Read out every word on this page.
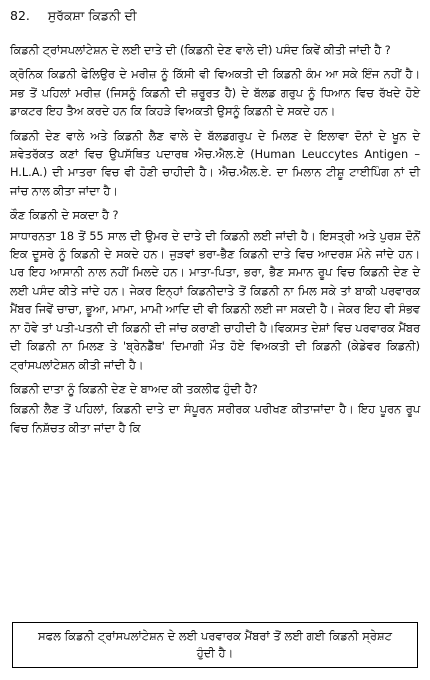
82. ਸੁਰੱਕਸ਼ਾ ਕਿਡਨੀ ਦੀ

ਕਿਡਨੀ ਟ੍ਰਾਂਸਪਲਾਂਟੇਸ਼ਨ ਦੇ ਲਈ ਦਾਤੇ ਦੀ (ਕਿਡਨੀ ਦੇਣ ਵਾਲੇ ਦੀ) ਪਸੰਦ ਕਿਵੇਂ ਕੀਤੀ ਜਾਂਦੀ ਹੈ ?

ਕ੍ਰੋਨਿਕ ਕਿਡਨੀ ਫੇਲਿਉਰ ਦੇ ਮਰੀਜ਼ ਨੂੰ ਕਿੱਸੀ ਵੀ ਵਿਅਕਤੀ ਦੀ ਕਿਡਨੀ ਕੰਮ ਆ ਸਕੇ ਇੰਜ ਨਹੀਂ ਹੈ।ਸਭ ਤੋਂ ਪਹਿਲਾਂ ਮਰੀਜ਼ (ਜਿਸਨੂੰ ਕਿਡਨੀ ਦੀ ਜ਼ਰੂਰਤ ਹੈ) ਦੇ ਬੱਲਡ ਗਰੁਪ ਨੂੰ ਧਿਆਨ ਵਿਚ ਰੱਖਦੇ ਹੋਏ ਡਾਕਟਰ ਇਹ ਤੈਅ ਕਰਦੇ ਹਨ ਕਿ ਕਿਹੜੇ ਵਿਅਕਤੀ ਉਸਨੂੰ ਕਿਡਨੀ ਦੇ ਸਕਦੇ ਹਨ।

ਕਿਡਨੀ ਦੇਣ ਵਾਲੇ ਅਤੇ ਕਿਡਨੀ ਲੈਣ ਵਾਲੇ ਦੇ ਬੱਲਡਗਰੁਪ ਦੇ ਮਿਲਣ ਦੇ ਇਲਾਵਾ ਦੋਨਾਂ ਦੇ ਖੂਨ ਦੇ ਸ਼ਵੇਤਰੱਕਤ ਕਣਾਂ ਵਿਚ ਉਪਸੱਥਿਤ ਪਦਾਰਥ ਐਚ.ਐਲ.ਏ (Human Leuccytes Antigen – H.L.A.) ਦੀ ਮਾਤਰਾ ਵਿਚ ਵੀ ਹੋਣੀ ਚਾਹੀਦੀ ਹੈ। ਐਚ.ਐਲ.ਏ. ਦਾ ਮਿਲਾਨ ਟੀਸ਼ੂ ਟਾਈਪਿੰਗ ਨਾਂ ਦੀ ਜਾਂਚ ਨਾਲ ਕੀਤਾ ਜਾਂਦਾ ਹੈ।

ਕੌਣ ਕਿਡਨੀ ਦੇ ਸਕਦਾ ਹੈ ?

ਸਾਧਾਰਨਤਾ 18 ਤੋਂ 55 ਸਾਲ ਦੀ ਉਮਰ ਦੇ ਦਾਤੇ ਦੀ ਕਿਡਨੀ ਲਈ ਜਾਂਦੀ ਹੈ। ਇਸਤ੍ਰੀ ਅਤੇ ਪੁਰਸ਼ ਦੋਨੋਂ ਇਕ ਦੂਸਰੇ ਨੂੰ ਕਿਡਨੀ ਦੇ ਸਕਦੇ ਹਨ। ਜੁੜਵਾਂ ਭਰਾ-ਭੈਣ ਕਿਡਨੀ ਦਾਤੇ ਵਿਚ ਆਦਰਸ਼ ਮੰਨੇ ਜਾਂਦੇ ਹਨ।ਪਰ ਇਹ ਆਸਾਨੀ ਨਾਲ ਨਹੀਂ ਮਿਲਦੇ ਹਨ। ਮਾਤਾ-ਪਿਤਾ, ਭਰਾ, ਭੈਣ ਸਮਾਨ ਰੂਪ ਵਿਚ ਕਿਡਨੀ ਦੇਣ ਦੇ ਲਈ ਪਸੰਦ ਕੀਤੇ ਜਾਂਦੇ ਹਨ। ਜੇਕਰ ਇਨ੍ਹਾਂ ਕਿਡਨੀਦਾਤੇ ਤੋਂ ਕਿਡਨੀ ਨਾ ਮਿਲ ਸਕੇ ਤਾਂ ਬਾਕੀ ਪਰਵਾਰਕ ਮੈਂਬਰ ਜਿਵੇਂ ਚਾਚਾ, ਭੂਆ, ਮਾਮਾ, ਮਾਮੀ ਆਦਿ ਦੀ ਵੀ ਕਿਡਨੀ ਲਈ ਜਾ ਸਕਦੀ ਹੈ। ਜੇਕਰ ਇਹ ਵੀ ਸੰਭਵ ਨਾ ਹੋਵੇ ਤਾਂ ਪਤੀ-ਪਤਨੀ ਦੀ ਕਿਡਨੀ ਦੀ ਜਾਂਚ ਕਰਾਣੀ ਚਾਹੀਦੀ ਹੈ।ਵਿਕਸਤ ਦੇਸ਼ਾਂ ਵਿਚ ਪਰਵਾਰਕ ਮੈਂਬਰ ਦੀ ਕਿਡਨੀ ਨਾ ਮਿਲਣ ਤੇ 'ਬ੍ਰੇਨਡੈੱਥ' ਦਿਮਾਗੀ ਮੌਤ ਹੋਏ ਵਿਅਕਤੀ ਦੀ ਕਿਡਨੀ (ਕੇਡੇਵਰ ਕਿਡਨੀ) ਟ੍ਰਾਂਸਪਲਾਂਟੇਸ਼ਨ ਕੀਤੀ ਜਾਂਦੀ ਹੈ।

ਕਿਡਨੀ ਦਾਤਾ ਨੂੰ ਕਿਡਨੀ ਦੇਣ ਦੇ ਬਾਅਦ ਕੀ ਤਕਲੀਫ ਹੁੰਦੀ ਹੈ?

ਕਿਡਨੀ ਲੈਣ ਤੋਂ ਪਹਿਲਾਂ, ਕਿਡਨੀ ਦਾਤੇ ਦਾ ਸੰਪੂਰਨ ਸਰੀਰਕ ਪਰੀਖਣ ਕੀਤਾਜਾਂਦਾ ਹੈ। ਇਹ ਪੂਰਨ ਰੂਪ ਵਿਚ ਨਿਸ਼ੱਚਤ ਕੀਤਾ ਜਾਂਦਾ ਹੈ ਕਿ

ਸਫਲ ਕਿਡਨੀ ਟ੍ਰਾਂਸਪਲਾਂਟੇਸ਼ਨ ਦੇ ਲਈ ਪਰਵਾਰਕ ਮੈਂਬਰਾਂ ਤੋਂ ਲਈ ਗਈ ਕਿਡਨੀ ਸ੍ਰੇਸ਼ਟ ਹੁੰਦੀ ਹੈ।
